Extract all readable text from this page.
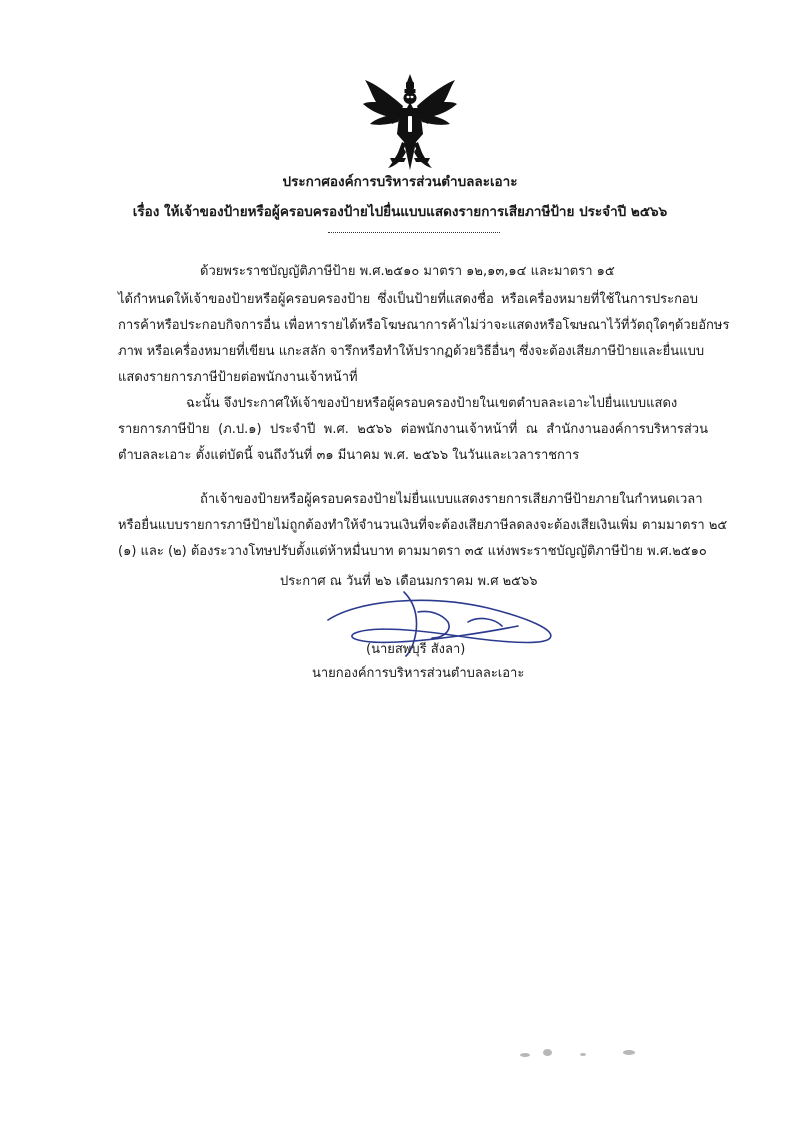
ประกาศองค์การบริหารส่วนตำบลละเอาะ
เรื่อง ให้เจ้าของป้ายหรือผู้ครอบครองป้ายไปยื่นแบบแสดงรายการเสียภาษีป้าย ประจำปี ๒๕๖๖
ด้วยพระราชบัญญัติภาษีป้าย พ.ศ.๒๕๑๐ มาตรา ๑๒,๑๓,๑๔ และมาตรา ๑๕
ได้กำหนดให้เจ้าของป้ายหรือผู้ครอบครองป้าย ซึ่งเป็นป้ายที่แสดงชื่อ หรือเครื่องหมายที่ใช้ในการประกอบ
การค้าหรือประกอบกิจการอื่น เพื่อหารายได้หรือโฆษณาการค้าไม่ว่าจะแสดงหรือโฆษณาไว้ที่วัตถุใดๆด้วยอักษร
ภาพ หรือเครื่องหมายที่เขียน แกะสลัก จารึกหรือทำให้ปรากฏด้วยวิธีอื่นๆ ซึ่งจะต้องเสียภาษีป้ายและยื่นแบบ
แสดงรายการภาษีป้ายต่อพนักงานเจ้าหน้าที่
ฉะนั้น จึงประกาศให้เจ้าของป้ายหรือผู้ครอบครองป้ายในเขตตำบลละเอาะไปยื่นแบบแสดง
รายการภาษีป้าย (ภ.ป.๑) ประจำปี พ.ศ. ๒๕๖๖ ต่อพนักงานเจ้าหน้าที่ ณ สำนักงานองค์การบริหารส่วน
ตำบลละเอาะ ตั้งแต่บัดนี้ จนถึงวันที่ ๓๑ มีนาคม พ.ศ. ๒๕๖๖ ในวันและเวลาราชการ
ถ้าเจ้าของป้ายหรือผู้ครอบครองป้ายไม่ยื่นแบบแสดงรายการเสียภาษีป้ายภายในกำหนดเวลา
หรือยื่นแบบรายการภาษีป้ายไม่ถูกต้องทำให้จำนวนเงินที่จะต้องเสียภาษีลดลงจะต้องเสียเงินเพิ่ม ตามมาตรา ๒๕
(๑) และ (๒) ต้องระวางโทษปรับตั้งแต่ห้าหมื่นบาท ตามมาตรา ๓๕ แห่งพระราชบัญญัติภาษีป้าย พ.ศ.๒๕๑๐
ประกาศ ณ วันที่ ๒๖ เดือนมกราคม พ.ศ ๒๕๖๖
(นายสพบุรี สังลา)
นายกองค์การบริหารส่วนตำบลละเอาะ
